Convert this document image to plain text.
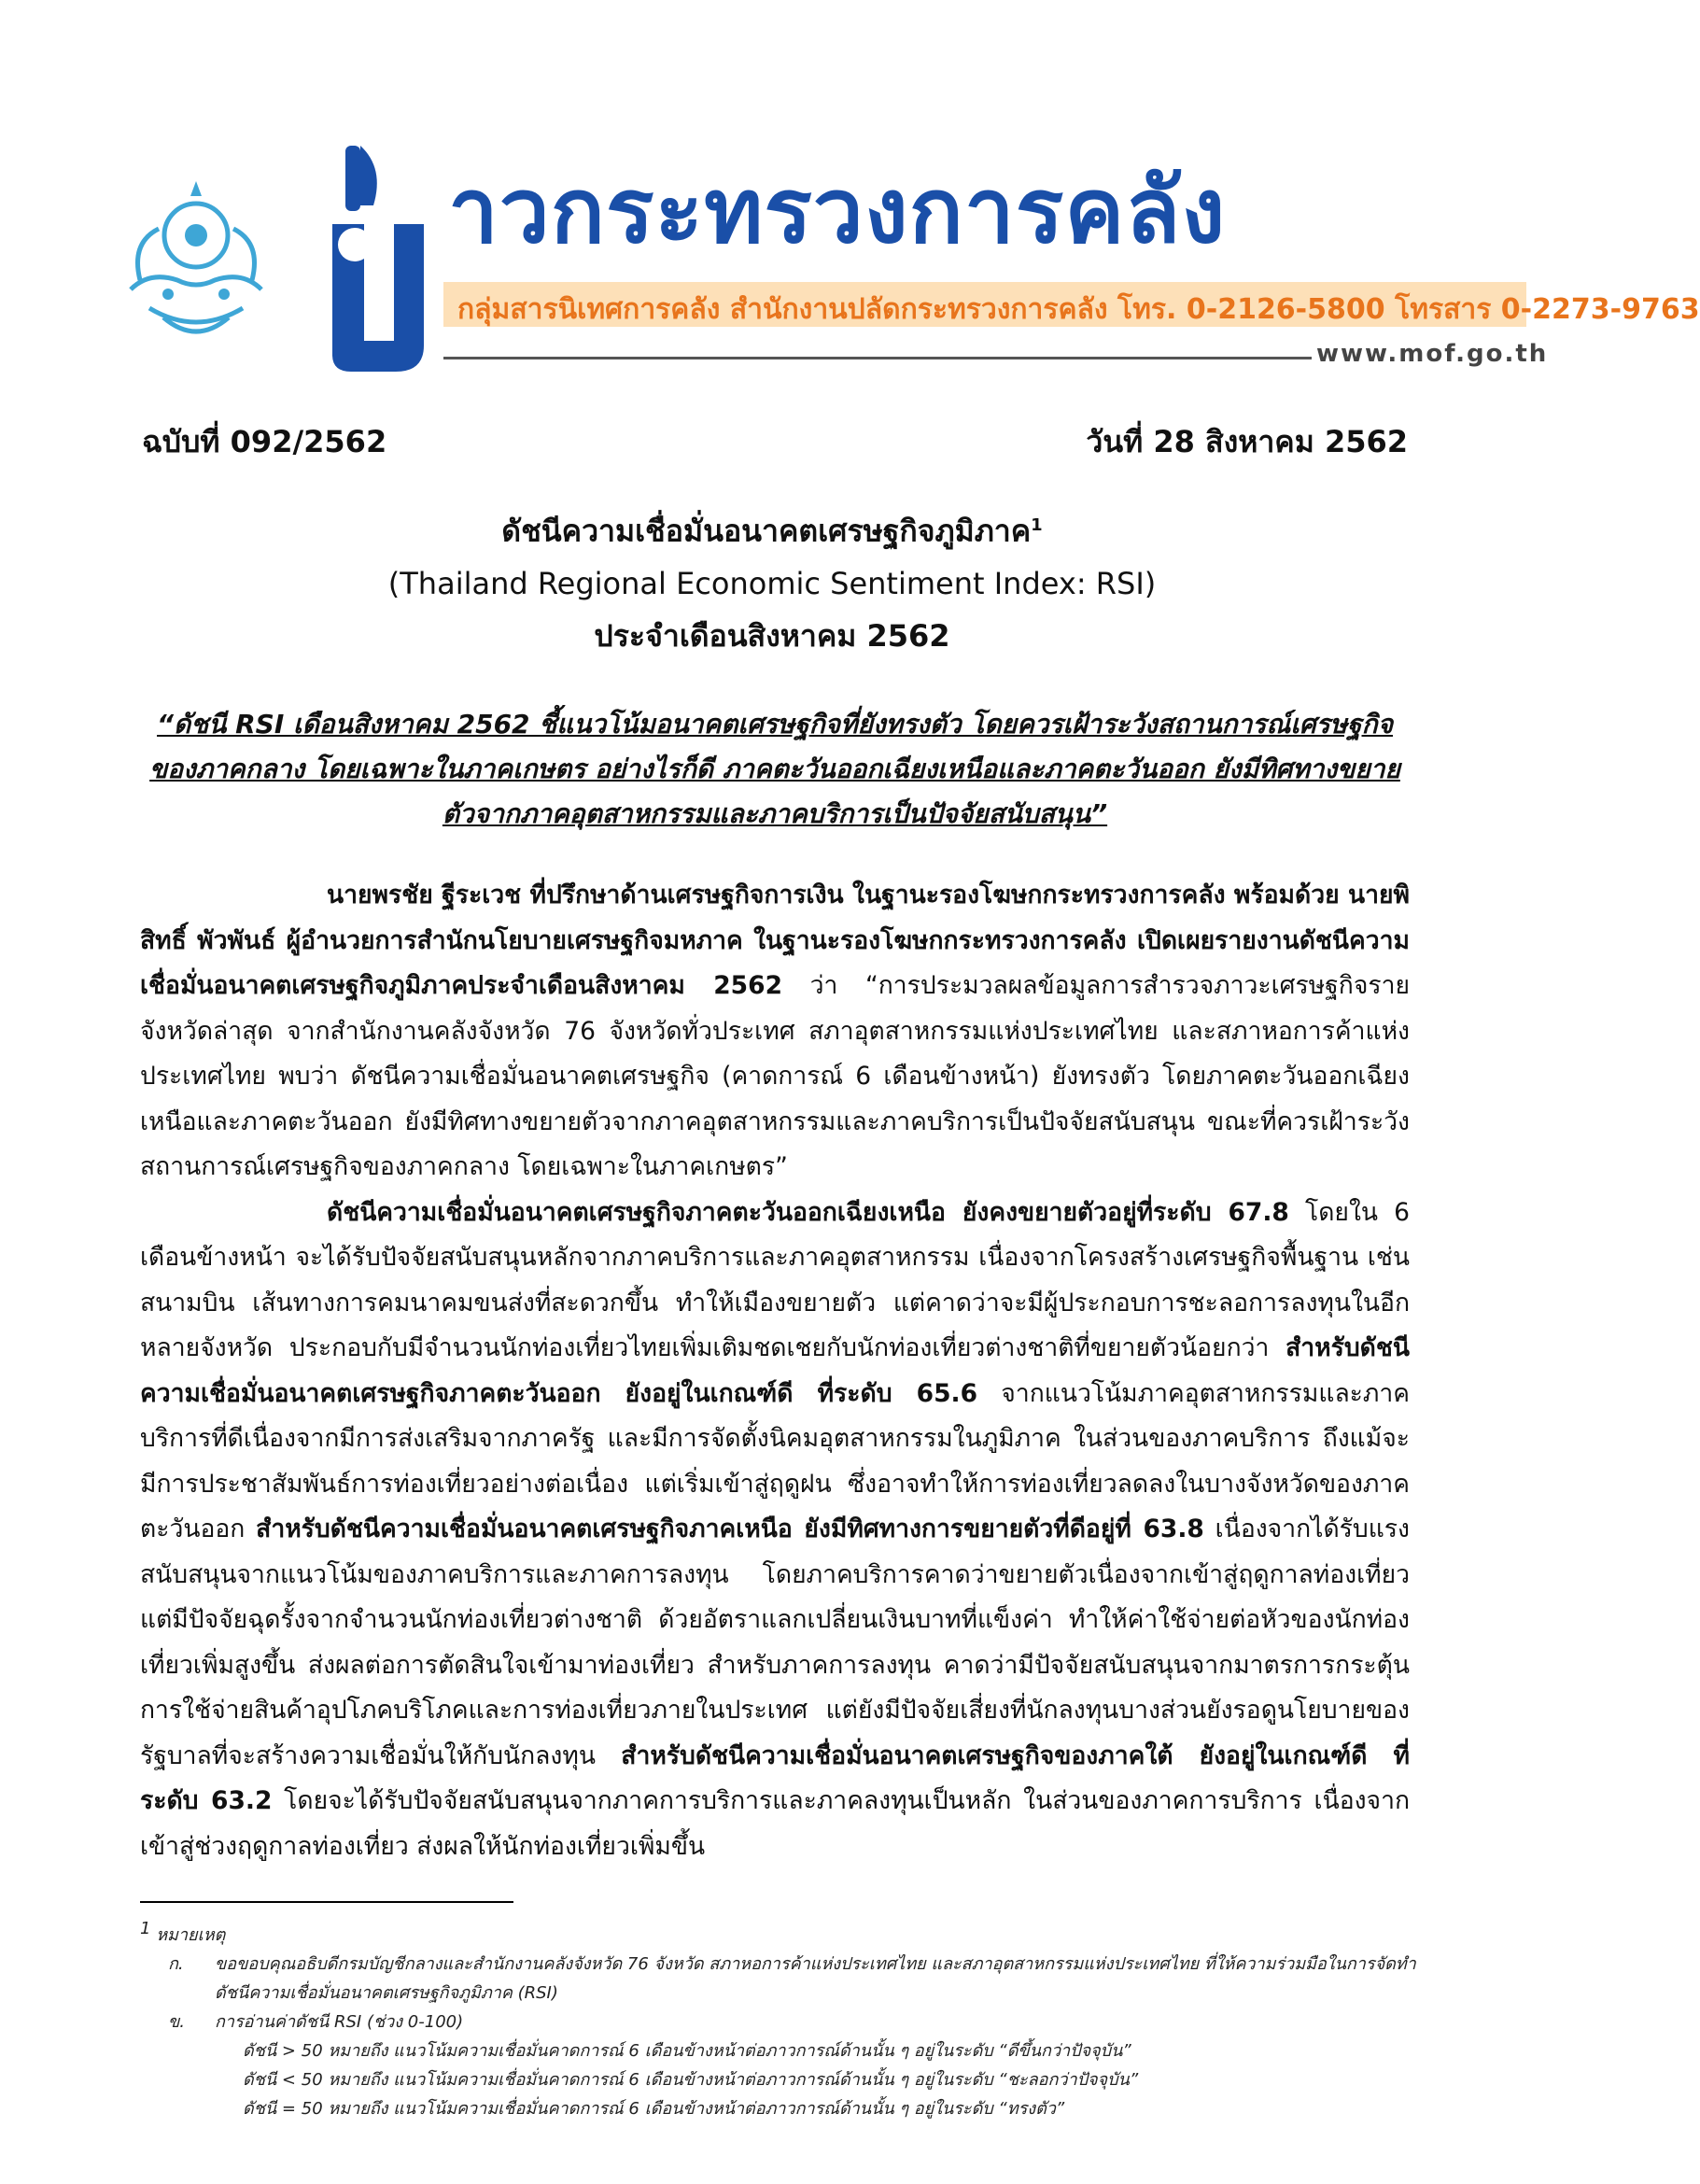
าวกระทรวงการคลัง
กลุ่มสารนิเทศการคลัง สำนักงานปลัดกระทรวงการคลัง โทร. 0-2126-5800 โทรสาร 0-2273-9763
www.mof.go.th
ฉบับที่ 092/2562	วันที่ 28 สิงหาคม 2562
ดัชนีความเชื่อมั่นอนาคตเศรษฐกิจภูมิภาค$^1$
(Thailand Regional Economic Sentiment Index: RSI)
ประจำเดือนสิงหาคม 2562
“ดัชนี RSI เดือนสิงหาคม 2562 ชี้แนวโน้มอนาคตเศรษฐกิจที่ยังทรงตัว โดยควรเฝ้าระวังสถานการณ์เศรษฐกิจของภาคกลาง โดยเฉพาะในภาคเกษตร อย่างไรก็ดี ภาคตะวันออกเฉียงเหนือและภาคตะวันออก ยังมีทิศทางขยายตัวจากภาคอุตสาหกรรมและภาคบริการเป็นปัจจัยสนับสนุน”

นายพรชัย ฐีระเวช ที่ปรึกษาด้านเศรษฐกิจการเงิน ในฐานะรองโฆษกกระทรวงการคลัง พร้อมด้วย นายพิสิทธิ์ พัวพันธ์ ผู้อำนวยการสำนักนโยบายเศรษฐกิจมหภาค ในฐานะรองโฆษกกระทรวงการคลัง เปิดเผยรายงานดัชนีความเชื่อมั่นอนาคตเศรษฐกิจภูมิภาคประจำเดือนสิงหาคม 2562 ว่า “การประมวลผลข้อมูลการสำรวจภาวะเศรษฐกิจรายจังหวัดล่าสุด จากสำนักงานคลังจังหวัด 76 จังหวัดทั่วประเทศ สภาอุตสาหกรรมแห่งประเทศไทย และสภาหอการค้าแห่งประเทศไทย พบว่า ดัชนีความเชื่อมั่นอนาคตเศรษฐกิจ (คาดการณ์ 6 เดือนข้างหน้า) ยังทรงตัว โดยภาคตะวันออกเฉียงเหนือและภาคตะวันออก ยังมีทิศทางขยายตัวจากภาคอุตสาหกรรมและภาคบริการเป็นปัจจัยสนับสนุน ขณะที่ควรเฝ้าระวังสถานการณ์เศรษฐกิจของภาคกลาง โดยเฉพาะในภาคเกษตร”

ดัชนีความเชื่อมั่นอนาคตเศรษฐกิจภาคตะวันออกเฉียงเหนือ ยังคงขยายตัวอยู่ที่ระดับ 67.8 โดยใน 6 เดือนข้างหน้า จะได้รับปัจจัยสนับสนุนหลักจากภาคบริการและภาคอุตสาหกรรม เนื่องจากโครงสร้างเศรษฐกิจพื้นฐาน เช่น สนามบิน เส้นทางการคมนาคมขนส่งที่สะดวกขึ้น ทำให้เมืองขยายตัว แต่คาดว่าจะมีผู้ประกอบการชะลอการลงทุนในอีกหลายจังหวัด ประกอบกับมีจำนวนนักท่องเที่ยวไทยเพิ่มเติมชดเชยกับนักท่องเที่ยวต่างชาติที่ขยายตัวน้อยกว่า สำหรับดัชนีความเชื่อมั่นอนาคตเศรษฐกิจภาคตะวันออก ยังอยู่ในเกณฑ์ดี ที่ระดับ 65.6 จากแนวโน้มภาคอุตสาหกรรมและภาคบริการที่ดีเนื่องจากมีการส่งเสริมจากภาครัฐ และมีการจัดตั้งนิคมอุตสาหกรรมในภูมิภาค ในส่วนของภาคบริการ ถึงแม้จะมีการประชาสัมพันธ์การท่องเที่ยวอย่างต่อเนื่อง แต่เริ่มเข้าสู่ฤดูฝน ซึ่งอาจทำให้การท่องเที่ยวลดลงในบางจังหวัดของภาคตะวันออก สำหรับดัชนีความเชื่อมั่นอนาคตเศรษฐกิจภาคเหนือ ยังมีทิศทางการขยายตัวที่ดีอยู่ที่ 63.8 เนื่องจากได้รับแรงสนับสนุนจากแนวโน้มของภาคบริการและภาคการลงทุน โดยภาคบริการคาดว่าขยายตัวเนื่องจากเข้าสู่ฤดูกาลท่องเที่ยว แต่มีปัจจัยฉุดรั้งจากจำนวนนักท่องเที่ยวต่างชาติ ด้วยอัตราแลกเปลี่ยนเงินบาทที่แข็งค่า ทำให้ค่าใช้จ่ายต่อหัวของนักท่องเที่ยวเพิ่มสูงขึ้น ส่งผลต่อการตัดสินใจเข้ามาท่องเที่ยว สำหรับภาคการลงทุน คาดว่ามีปัจจัยสนับสนุนจากมาตรการกระตุ้นการใช้จ่ายสินค้าอุปโภคบริโภคและการท่องเที่ยวภายในประเทศ แต่ยังมีปัจจัยเสี่ยงที่นักลงทุนบางส่วนยังรอดูนโยบายของรัฐบาลที่จะสร้างความเชื่อมั่นให้กับนักลงทุน สำหรับดัชนีความเชื่อมั่นอนาคตเศรษฐกิจของภาคใต้ ยังอยู่ในเกณฑ์ดี ที่ระดับ 63.2 โดยจะได้รับปัจจัยสนับสนุนจากภาคการบริการและภาคลงทุนเป็นหลัก ในส่วนของภาคการบริการ เนื่องจากเข้าสู่ช่วงฤดูกาลท่องเที่ยว ส่งผลให้นักท่องเที่ยวเพิ่มขึ้น

$^1$ หมายเหตุ

ก. ขอขอบคุณอธิบดีกรมบัญชีกลางและสำนักงานคลังจังหวัด 76 จังหวัด สภาหอการค้าแห่งประเทศไทย และสภาอุตสาหกรรมแห่งประเทศไทย ที่ให้ความร่วมมือในการจัดทำดัชนีความเชื่อมั่นอนาคตเศรษฐกิจภูมิภาค (RSI)
ข. การอ่านค่าดัชนี RSI (ช่วง 0-100)
ดัชนี > 50 หมายถึง แนวโน้มความเชื่อมั่นคาดการณ์ 6 เดือนข้างหน้าต่อภาวการณ์ด้านนั้น ๆ อยู่ในระดับ “ดีขึ้นกว่าปัจจุบัน”
ดัชนี < 50 หมายถึง แนวโน้มความเชื่อมั่นคาดการณ์ 6 เดือนข้างหน้าต่อภาวการณ์ด้านนั้น ๆ อยู่ในระดับ “ชะลอกว่าปัจจุบัน”
ดัชนี = 50 หมายถึง แนวโน้มความเชื่อมั่นคาดการณ์ 6 เดือนข้างหน้าต่อภาวการณ์ด้านนั้น ๆ อยู่ในระดับ “ทรงตัว”
